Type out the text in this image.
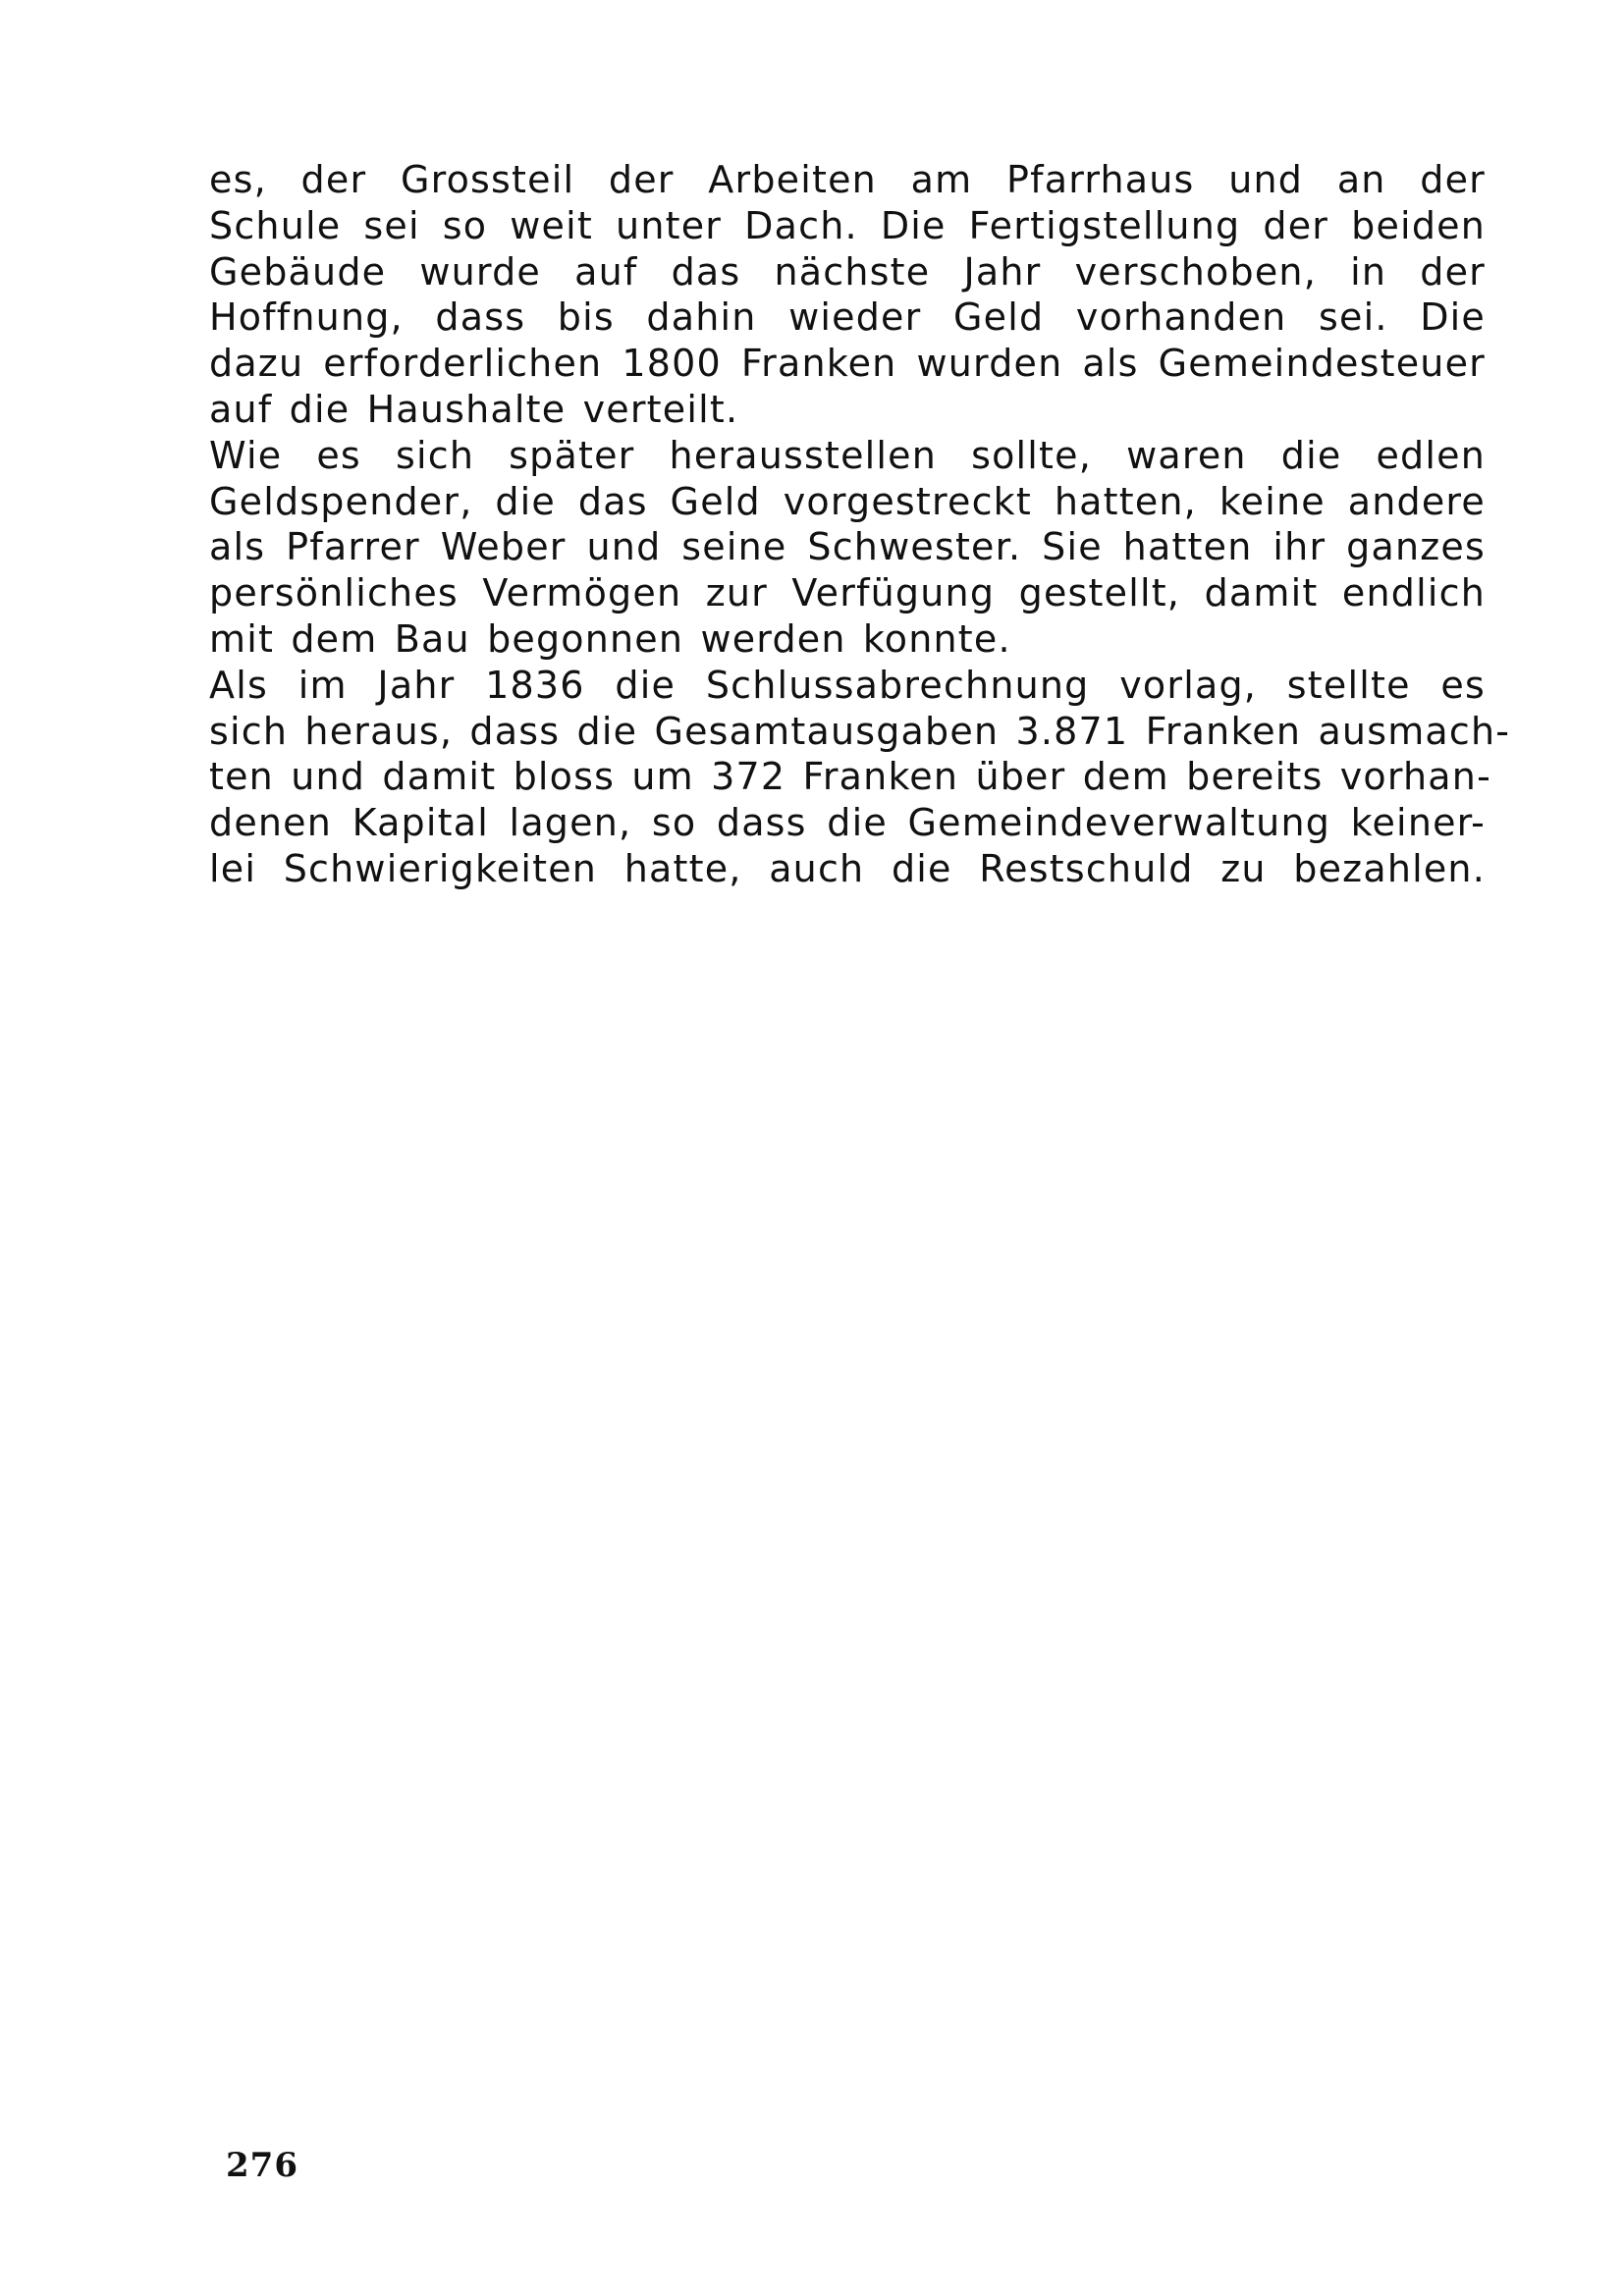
es, der Grossteil der Arbeiten am Pfarrhaus und an der
Schule sei so weit unter Dach. Die Fertigstellung der beiden
Gebäude wurde auf das nächste Jahr verschoben, in der
Hoffnung, dass bis dahin wieder Geld vorhanden sei. Die
dazu erforderlichen 1800 Franken wurden als Gemeindesteuer
auf die Haushalte verteilt.
Wie es sich später herausstellen sollte, waren die edlen
Geldspender, die das Geld vorgestreckt hatten, keine andere
als Pfarrer Weber und seine Schwester. Sie hatten ihr ganzes
persönliches Vermögen zur Verfügung gestellt, damit endlich
mit dem Bau begonnen werden konnte.
Als im Jahr 1836 die Schlussabrechnung vorlag, stellte es
sich heraus, dass die Gesamtausgaben 3.871 Franken ausmach-
ten und damit bloss um 372 Franken über dem bereits vorhan-
denen Kapital lagen, so dass die Gemeindeverwaltung keiner-
lei Schwierigkeiten hatte, auch die Restschuld zu bezahlen.
276
